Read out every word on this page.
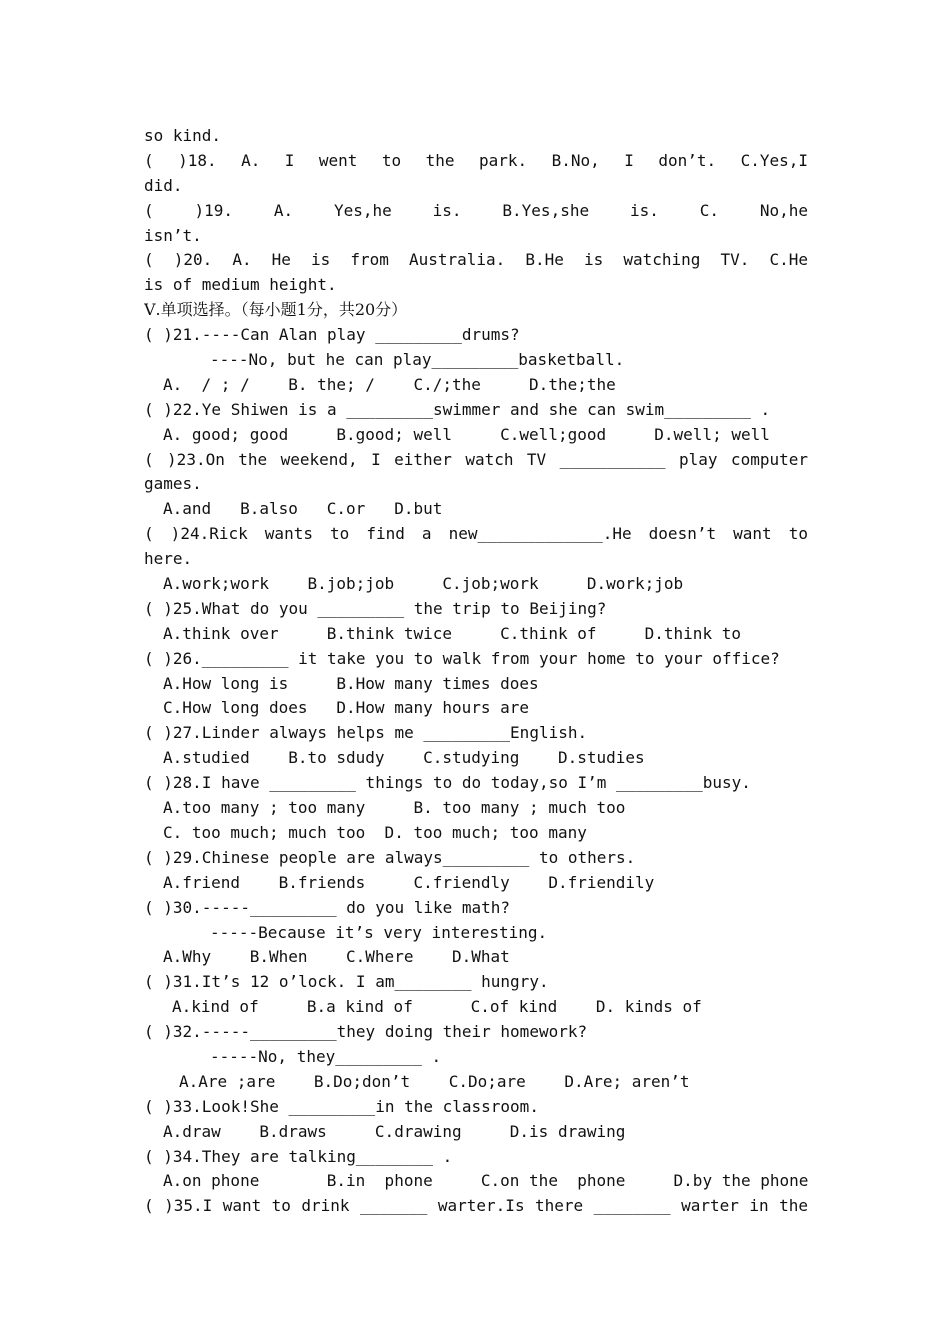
so kind.
( )18. A. I went to the park. B.No, I don’t. C.Yes,I
did.
( )19. A. Yes,he is. B.Yes,she is. C. No,he
isn’t.
( )20. A. He is from Australia. B.He is watching TV. C.He
is of medium height.
Ⅴ.单项选择。（每小题1分，共20分）
( )21.----Can Alan play _________drums?
----No, but he can play_________basketball.
A.  / ; /    B. the; /    C./;the     D.the;the
( )22.Ye Shiwen is a _________swimmer and she can swim_________ .
A. good; good     B.good; well     C.well;good     D.well; well
( )23.On the weekend, I either watch TV ___________ play computer
games.
A.and   B.also   C.or   D.but
( )24.Rick wants to find a new_____________.He doesn’t want to
here.
A.work;work    B.job;job     C.job;work     D.work;job
( )25.What do you _________ the trip to Beijing?
A.think over     B.think twice     C.think of     D.think to
( )26._________ it take you to walk from your home to your office?
A.How long is     B.How many times does
C.How long does   D.How many hours are
( )27.Linder always helps me _________English.
A.studied    B.to sdudy    C.studying    D.studies
( )28.I have _________ things to do today,so I’m _________busy.
A.too many ; too many     B. too many ; much too
C. too much; much too  D. too much; too many
( )29.Chinese people are always_________ to others.
A.friend    B.friends     C.friendly    D.friendily
( )30.-----_________ do you like math?
-----Because it’s very interesting.
A.Why    B.When    C.Where    D.What
( )31.It’s 12 o’lock. I am________ hungry.
A.kind of     B.a kind of      C.of kind    D. kinds of
( )32.-----_________they doing their homework?
-----No, they_________ .
A.Are ;are    B.Do;don’t    C.Do;are    D.Are; aren’t
( )33.Look!She _________in the classroom.
A.draw    B.draws     C.drawing     D.is drawing
( )34.They are talking________ .
A.on phone       B.in  phone     C.on the  phone     D.by the phone
( )35.I want to drink _______ warter.Is there ________ warter in the
